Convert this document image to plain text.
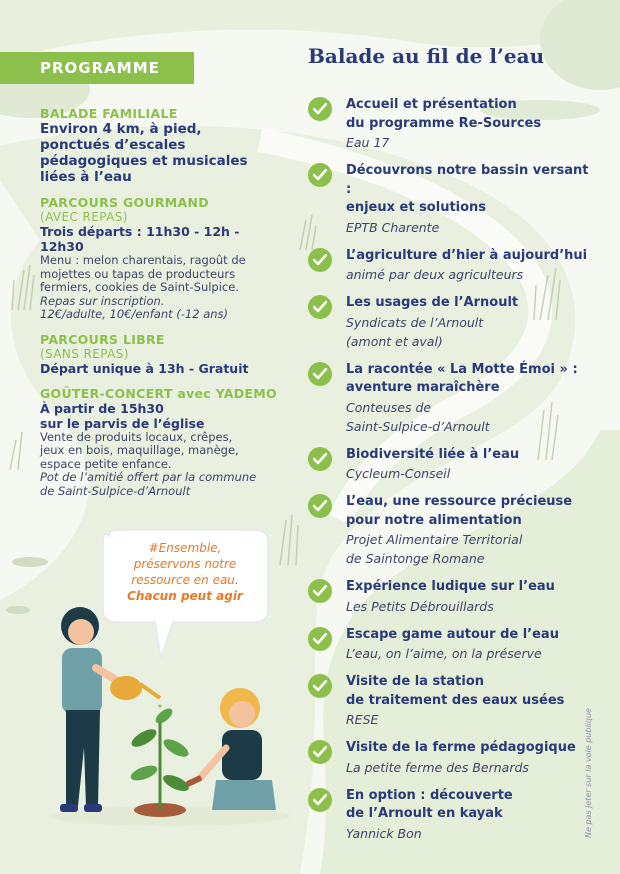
PROGRAMME	Balade au fil de l’eau
BALADE FAMILIALE
Environ 4 km, à pied,
ponctués d’escales
pédagogiques et musicales
liées à l’eau
PARCOURS GOURMAND
(AVEC REPAS)
Trois départs : 11h30 - 12h - 12h30
Menu : melon charentais, ragoût de
mojettes ou tapas de producteurs
fermiers, cookies de Saint-Sulpice.
Repas sur inscription.
12€/adulte, 10€/enfant (-12 ans)
PARCOURS LIBRE
(SANS REPAS)
Départ unique à 13h - Gratuit
GOÛTER-CONCERT avec YADEMO
À partir de 15h30
sur le parvis de l’église
Vente de produits locaux, crêpes,
jeux en bois, maquillage, manège,
espace petite enfance.
Pot de l’amitié offert par la commune
de Saint-Sulpice-d’Arnoult
#Ensemble,
préservons notre
ressource en eau.
Chacun peut agir
Accueil et présentation
du programme Re-Sources
Eau 17
Découvrons notre bassin versant :
enjeux et solutions
EPTB Charente
L’agriculture d’hier à aujourd’hui
animé par deux agriculteurs
Les usages de l’Arnoult
Syndicats de l’Arnoult
(amont et aval)
La racontée « La Motte Émoi » :
aventure maraîchère
Conteuses de
Saint-Sulpice-d’Arnoult
Biodiversité liée à l’eau
Cycleum-Conseil
L’eau, une ressource précieuse
pour notre alimentation
Projet Alimentaire Territorial
de Saintonge Romane
Expérience ludique sur l’eau
Les Petits Débrouillards
Escape game autour de l’eau
L’eau, on l’aime, on la préserve
Visite de la station
de traitement des eaux usées
RESE
Visite de la ferme pédagogique
La petite ferme des Bernards
En option : découverte
de l’Arnoult en kayak
Yannick Bon	Ne pas jeter sur la voie publique
